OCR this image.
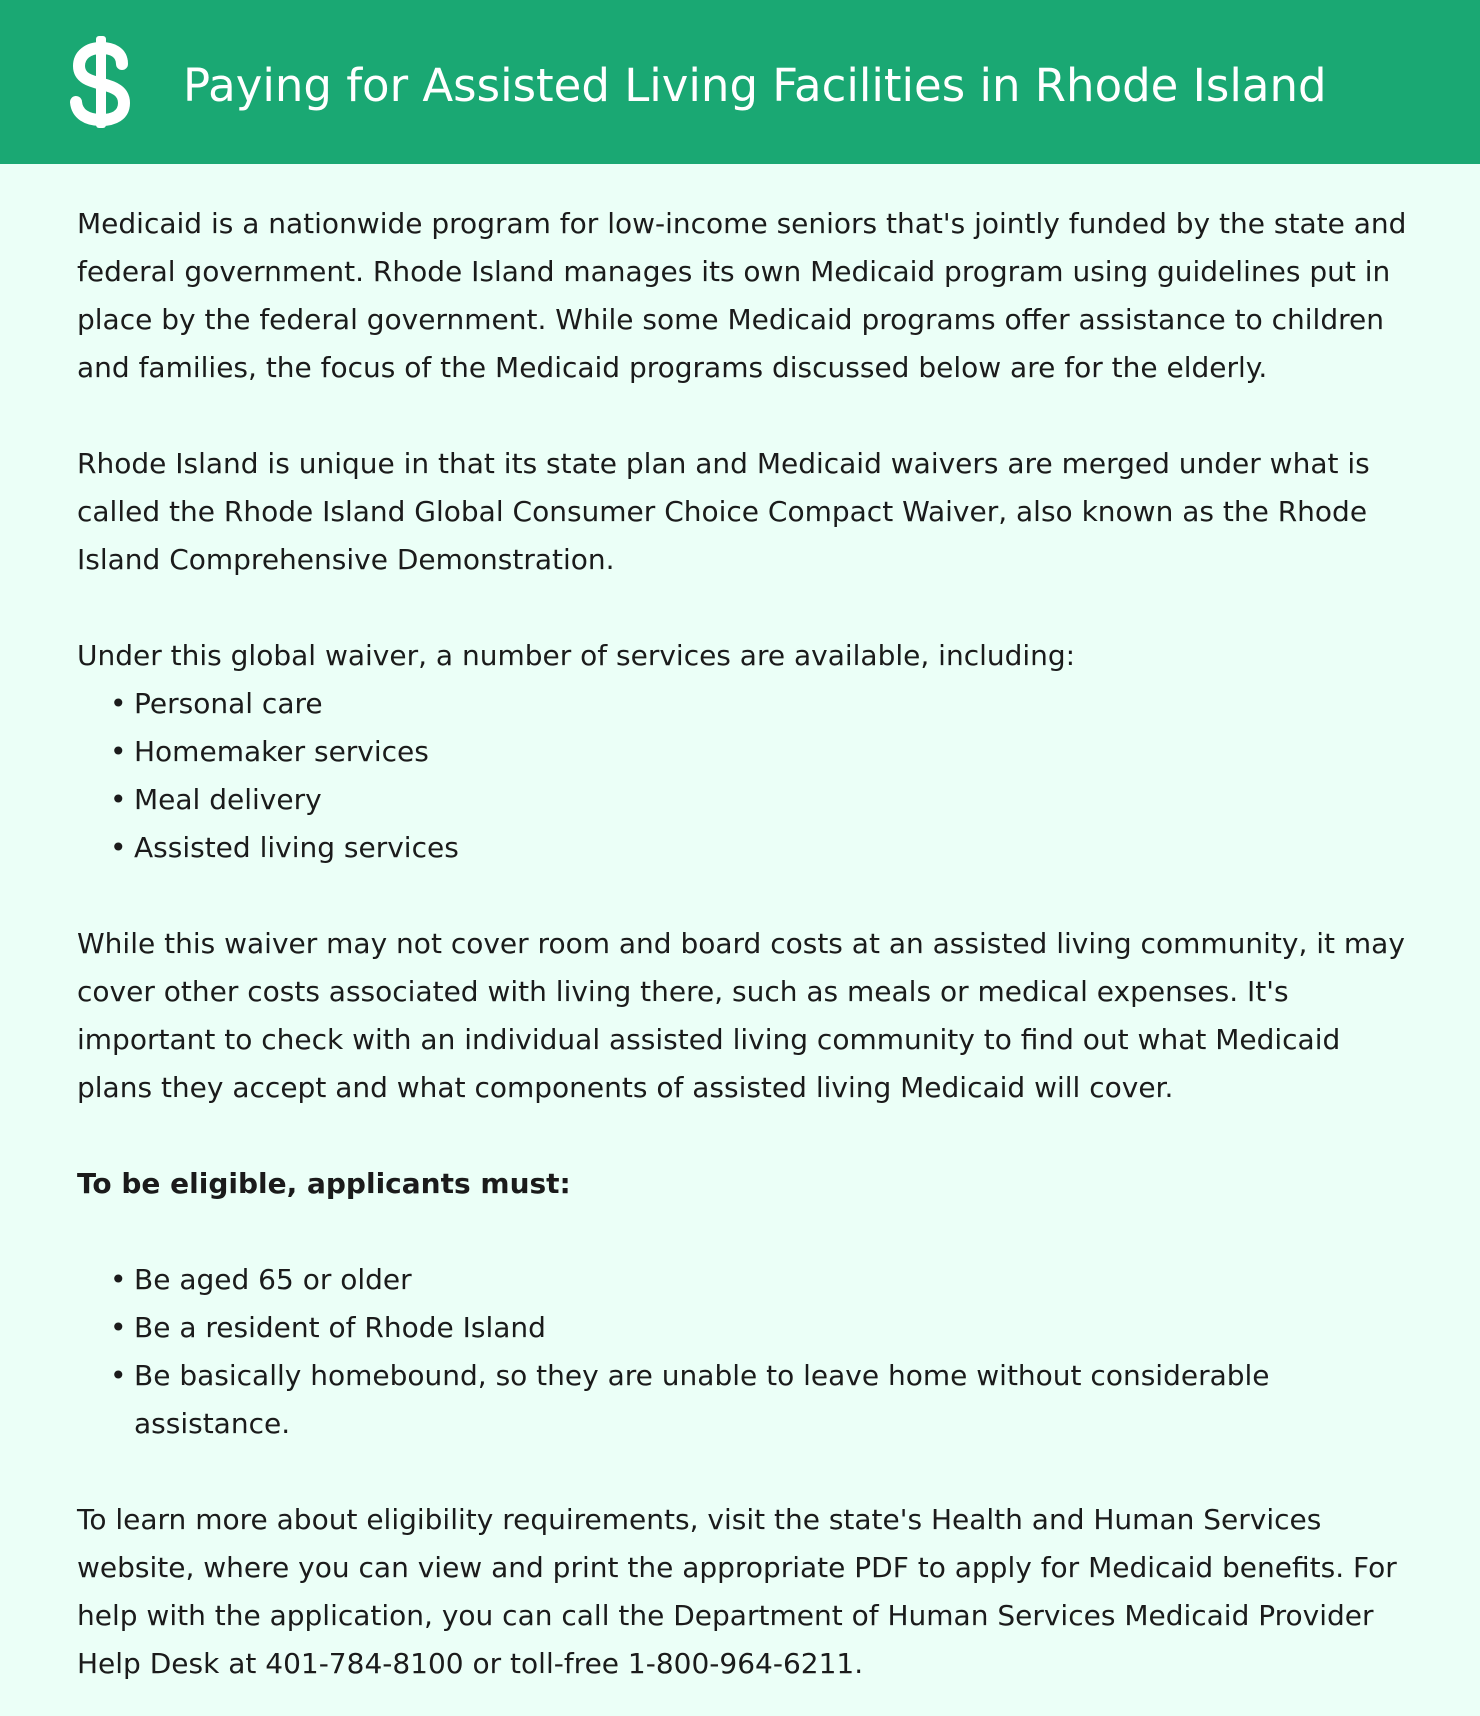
Paying for Assisted Living Facilities in Rhode Island

Medicaid is a nationwide program for low-income seniors that's jointly funded by the state and federal government. Rhode Island manages its own Medicaid program using guidelines put in place by the federal government. While some Medicaid programs offer assistance to children and families, the focus of the Medicaid programs discussed below are for the elderly.

Rhode Island is unique in that its state plan and Medicaid waivers are merged under what is called the Rhode Island Global Consumer Choice Compact Waiver, also known as the Rhode Island Comprehensive Demonstration.

Under this global waiver, a number of services are available, including:

• Personal care
• Homemaker services
• Meal delivery
• Assisted living services

While this waiver may not cover room and board costs at an assisted living community, it may cover other costs associated with living there, such as meals or medical expenses. It's important to check with an individual assisted living community to find out what Medicaid plans they accept and what components of assisted living Medicaid will cover.

To be eligible, applicants must:

• Be aged 65 or older
• Be a resident of Rhode Island
• Be basically homebound, so they are unable to leave home without considerable assistance.

To learn more about eligibility requirements, visit the state's Health and Human Services website, where you can view and print the appropriate PDF to apply for Medicaid benefits. For help with the application, you can call the Department of Human Services Medicaid Provider Help Desk at 401-784-8100 or toll-free 1-800-964-6211.
